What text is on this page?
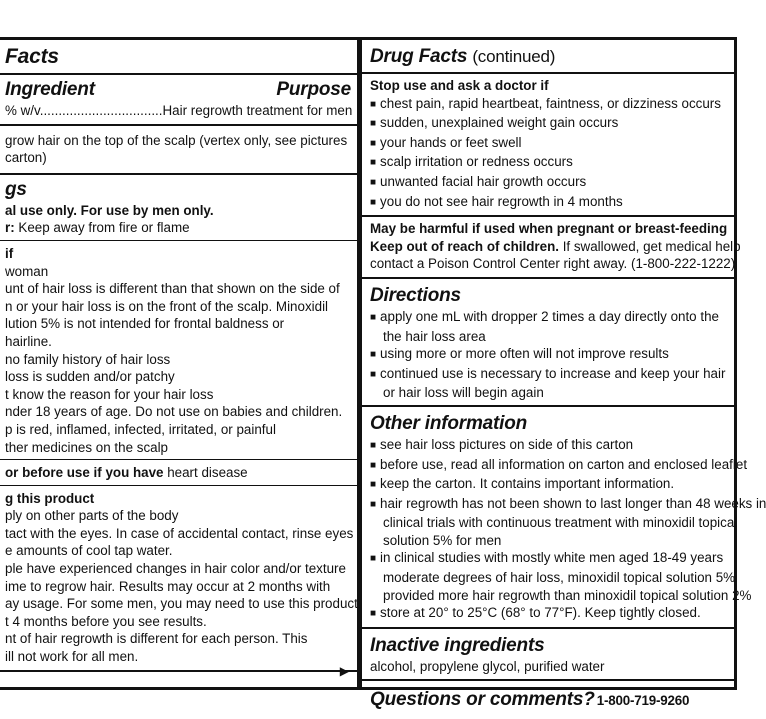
Facts
Ingredient	Purpose
% w/v.................................Hair regrowth treatment for men
grow hair on the top of the scalp (vertex only, see pictures
carton)
gs
al use only. For use by men only.
r: Keep away from fire or flame
if
woman
unt of hair loss is different than that shown on the side of
n or your hair loss is on the front of the scalp. Minoxidil
lution 5% is not intended for frontal baldness or
hairline.
no family history of hair loss
loss is sudden and/or patchy
t know the reason for your hair loss
nder 18 years of age. Do not use on babies and children.
p is red, inflamed, infected, irritated, or painful
ther medicines on the scalp
or before use if you have heart disease
g this product
ply on other parts of the body
tact with the eyes. In case of accidental contact, rinse eyes
e amounts of cool tap water.
ple have experienced changes in hair color and/or texture
ime to regrow hair. Results may occur at 2 months with
ay usage. For some men, you may need to use this product
t 4 months before you see results.
nt of hair regrowth is different for each person. This
ill not work for all men.
▶
Drug Facts (continued)
Stop use and ask a doctor if
■ chest pain, rapid heartbeat, faintness, or dizziness occurs
■ sudden, unexplained weight gain occurs
■ your hands or feet swell
■ scalp irritation or redness occurs
■ unwanted facial hair growth occurs
■ you do not see hair regrowth in 4 months
May be harmful if used when pregnant or breast-feeding
Keep out of reach of children. If swallowed, get medical help
contact a Poison Control Center right away. (1-800-222-1222)
Directions
■ apply one mL with dropper 2 times a day directly onto the
the hair loss area
■ using more or more often will not improve results
■ continued use is necessary to increase and keep your hair
or hair loss will begin again
Other information
■ see hair loss pictures on side of this carton
■ before use, read all information on carton and enclosed leaflet
■ keep the carton. It contains important information.
■ hair regrowth has not been shown to last longer than 48 weeks in
clinical trials with continuous treatment with minoxidil topical
solution 5% for men
■ in clinical studies with mostly white men aged 18-49 years
moderate degrees of hair loss, minoxidil topical solution 5%
provided more hair regrowth than minoxidil topical solution 2%
■ store at 20° to 25°C (68° to 77°F). Keep tightly closed.
Inactive ingredients
alcohol, propylene glycol, purified water
Questions or comments? 1-800-719-9260
